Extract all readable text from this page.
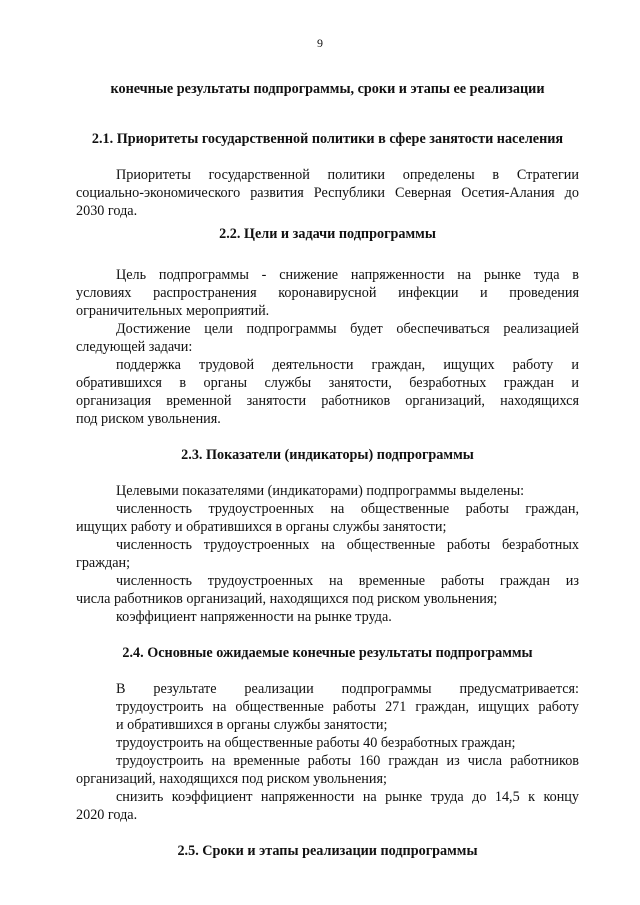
9
конечные результаты подпрограммы, сроки и этапы ее реализации
2.1. Приоритеты государственной политики в сфере занятости населения
Приоритеты государственной политики определены в Стратегии
социально-экономического развития Республики Северная Осетия-Алания до
2030 года.
2.2. Цели и задачи подпрограммы
Цель подпрограммы - снижение напряженности на рынке туда в
условиях распространения коронавирусной инфекции и проведения
ограничительных мероприятий.
Достижение цели подпрограммы будет обеспечиваться реализацией
следующей задачи:
поддержка трудовой деятельности граждан, ищущих работу и
обратившихся в органы службы занятости, безработных граждан и
организация временной занятости работников организаций, находящихся
под риском увольнения.
2.3. Показатели (индикаторы) подпрограммы
Целевыми показателями (индикаторами) подпрограммы выделены:
численность трудоустроенных на общественные работы граждан,
ищущих работу и обратившихся в органы службы занятости;
численность трудоустроенных на общественные работы безработных
граждан;
численность трудоустроенных на временные работы граждан из
числа работников организаций, находящихся под риском увольнения;
коэффициент напряженности на рынке труда.
2.4. Основные ожидаемые конечные результаты подпрограммы
В результате реализации подпрограммы предусматривается:
трудоустроить на общественные работы 271 граждан, ищущих работу
и обратившихся в органы службы занятости;
трудоустроить на общественные работы 40 безработных граждан;
трудоустроить на временные работы 160 граждан из числа работников
организаций, находящихся под риском увольнения;
снизить коэффициент напряженности на рынке труда до 14,5 к концу
2020 года.
2.5. Сроки и этапы реализации подпрограммы
